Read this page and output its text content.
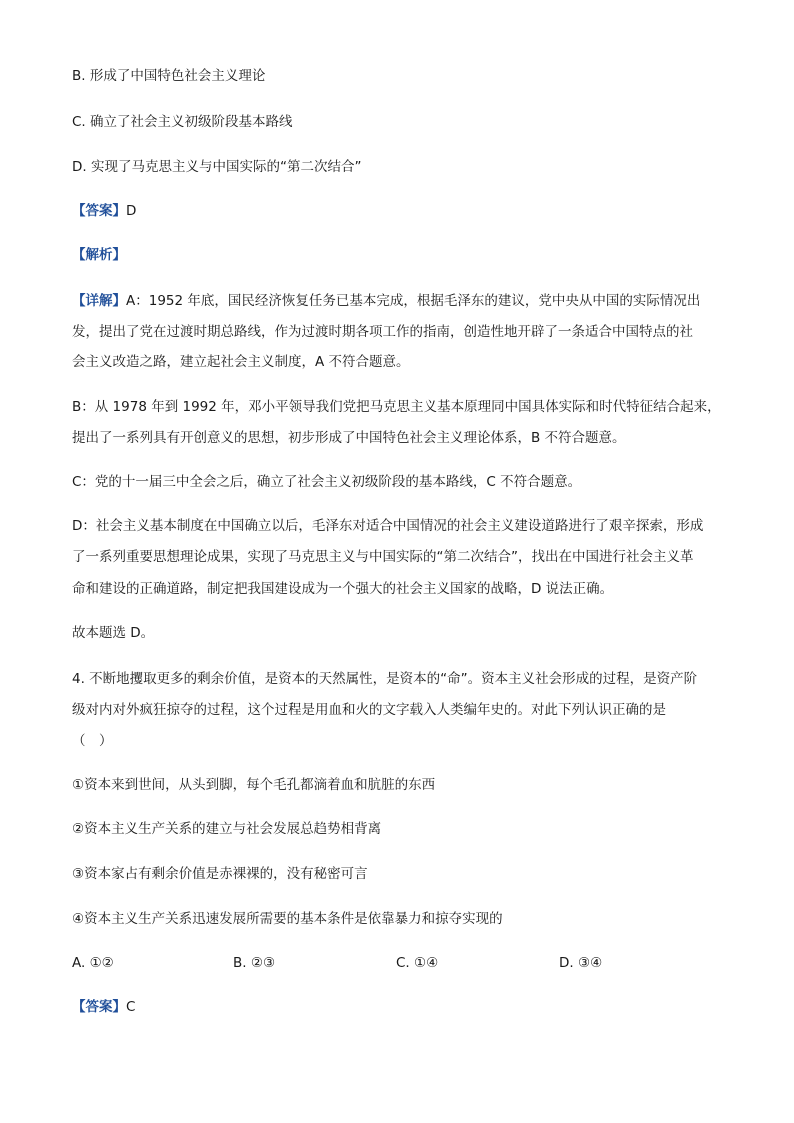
B. 形成了中国特色社会主义理论
C. 确立了社会主义初级阶段基本路线
D. 实现了马克思主义与中国实际的“第二次结合”
【答案】D
【解析】
【详解】A：1952 年底，国民经济恢复任务已基本完成，根据毛泽东的建议，党中央从中国的实际情况出
发，提出了党在过渡时期总路线，作为过渡时期各项工作的指南，创造性地开辟了一条适合中国特点的社
会主义改造之路，建立起社会主义制度，A 不符合题意。
B：从 1978 年到 1992 年，邓小平领导我们党把马克思主义基本原理同中国具体实际和时代特征结合起来，
提出了一系列具有开创意义的思想，初步形成了中国特色社会主义理论体系，B 不符合题意。
C：党的十一届三中全会之后，确立了社会主义初级阶段的基本路线，C 不符合题意。
D：社会主义基本制度在中国确立以后，毛泽东对适合中国情况的社会主义建设道路进行了艰辛探索，形成
了一系列重要思想理论成果，实现了马克思主义与中国实际的“第二次结合”，找出在中国进行社会主义革
命和建设的正确道路，制定把我国建设成为一个强大的社会主义国家的战略，D 说法正确。
故本题选 D。
4. 不断地攫取更多的剩余价值，是资本的天然属性，是资本的“命”。资本主义社会形成的过程，是资产阶
级对内对外疯狂掠夺的过程，这个过程是用血和火的文字载入人类编年史的。对此下列认识正确的是
（　）
①资本来到世间，从头到脚，每个毛孔都滴着血和肮脏的东西
②资本主义生产关系的建立与社会发展总趋势相背离
③资本家占有剩余价值是赤裸裸的，没有秘密可言
④资本主义生产关系迅速发展所需要的基本条件是依靠暴力和掠夺实现的
A. ①②	B. ②③	C. ①④	D. ③④
【答案】C
